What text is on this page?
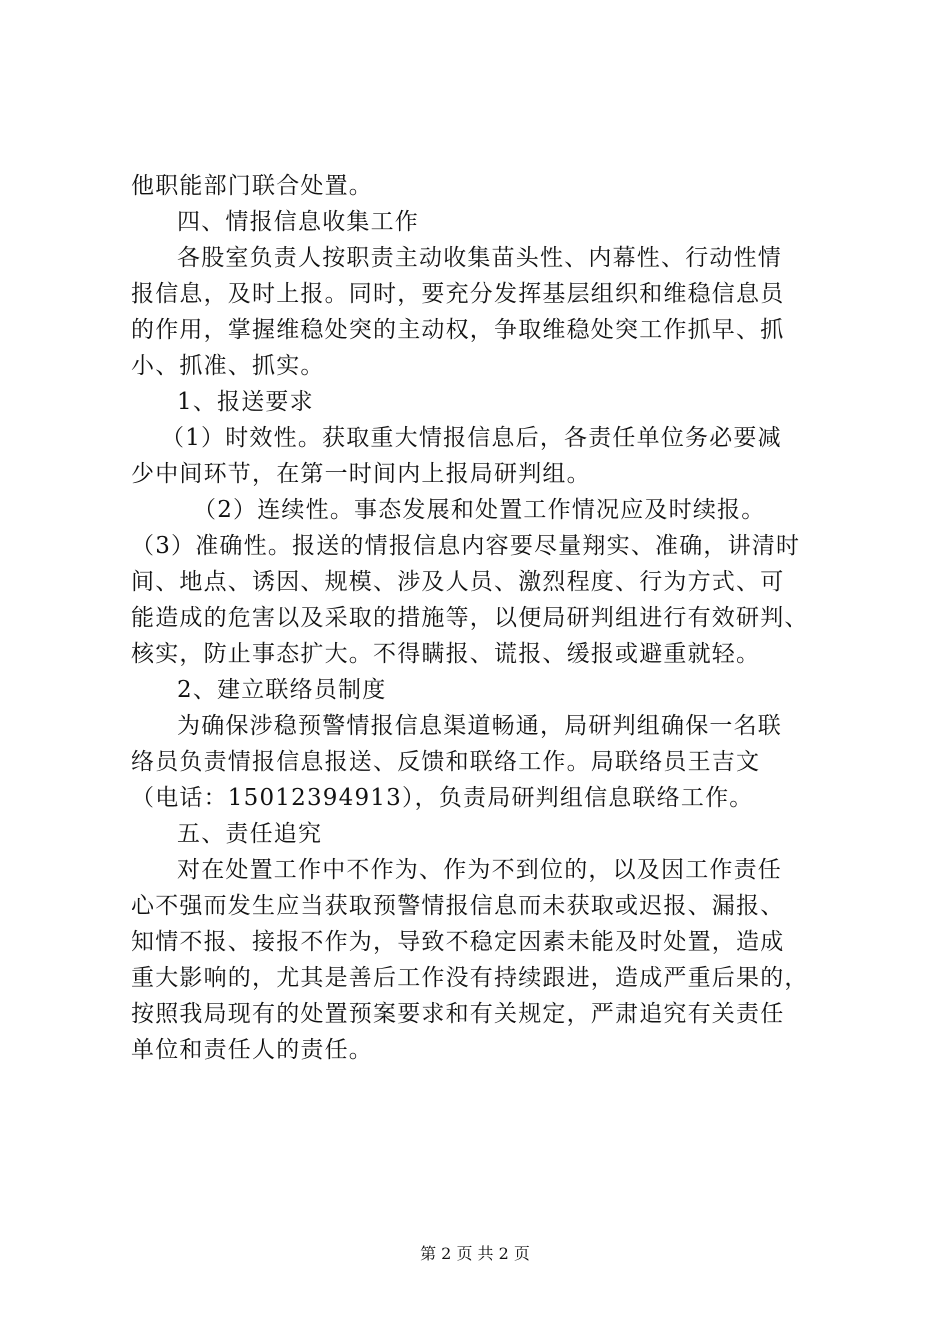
他职能部门联合处置。
四、情报信息收集工作
各股室负责人按职责主动收集苗头性、内幕性、行动性情
报信息，及时上报。同时，要充分发挥基层组织和维稳信息员
的作用，掌握维稳处突的主动权，争取维稳处突工作抓早、抓
小、抓准、抓实。
1、报送要求
（1）时效性。获取重大情报信息后，各责任单位务必要减
少中间环节，在第一时间内上报局研判组。
（2）连续性。事态发展和处置工作情况应及时续报。
（3）准确性。报送的情报信息内容要尽量翔实、准确，讲清时
间、地点、诱因、规模、涉及人员、激烈程度、行为方式、可
能造成的危害以及采取的措施等，以便局研判组进行有效研判、
核实，防止事态扩大。不得瞒报、谎报、缓报或避重就轻。
2、建立联络员制度
为确保涉稳预警情报信息渠道畅通，局研判组确保一名联
络员负责情报信息报送、反馈和联络工作。局联络员王吉文
（电话：15012394913），负责局研判组信息联络工作。
五、责任追究
对在处置工作中不作为、作为不到位的，以及因工作责任
心不强而发生应当获取预警情报信息而未获取或迟报、漏报、
知情不报、接报不作为，导致不稳定因素未能及时处置，造成
重大影响的，尤其是善后工作没有持续跟进，造成严重后果的，
按照我局现有的处置预案要求和有关规定，严肃追究有关责任
单位和责任人的责任。
第 2 页 共 2 页
